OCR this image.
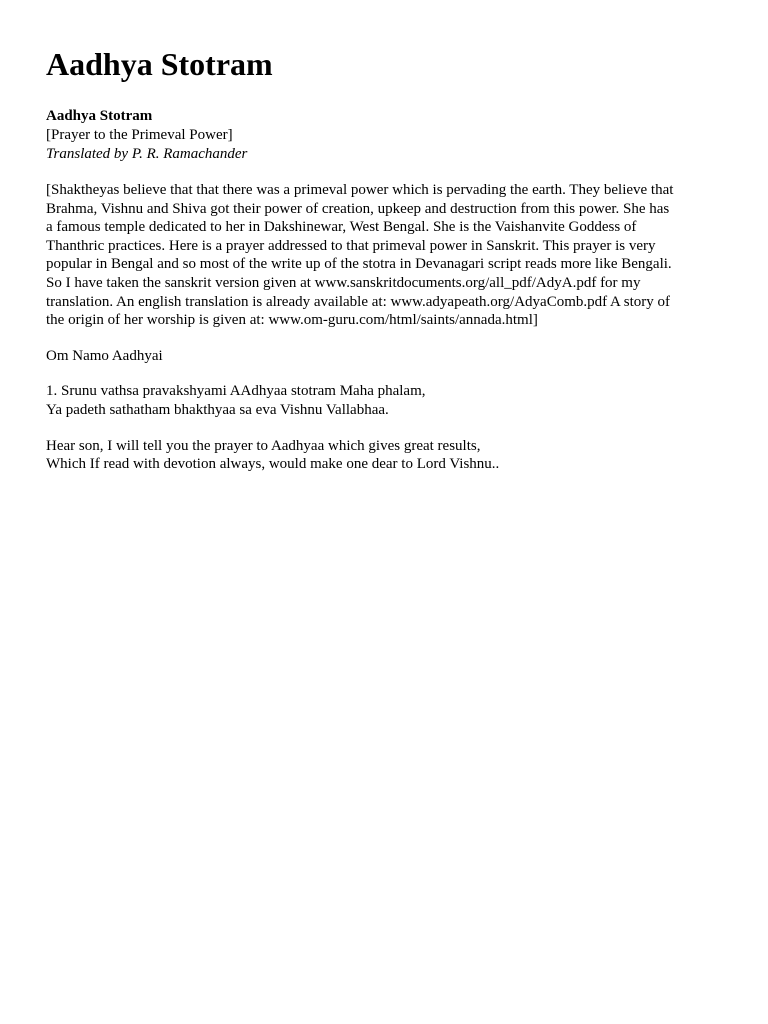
Aadhya Stotram
Aadhya Stotram
[Prayer to the Primeval Power]
Translated by P. R. Ramachander

[Shaktheyas believe that that there was a primeval power which is pervading the earth. They believe that
Brahma, Vishnu and Shiva got their power of creation, upkeep and destruction from this power. She has
a famous temple dedicated to her in Dakshinewar, West Bengal. She is the Vaishanvite Goddess of
Thanthric practices. Here is a prayer addressed to that primeval power in Sanskrit. This prayer is very
popular in Bengal and so most of the write up of the stotra in Devanagari script reads more like Bengali.
So I have taken the sanskrit version given at www.sanskritdocuments.org/all_pdf/AdyA.pdf for my
translation. An english translation is already available at: www.adyapeath.org/AdyaComb.pdf A story of
the origin of her worship is given at: www.om-guru.com/html/saints/annada.html]

Om Namo Aadhyai

1. Srunu vathsa pravakshyami AAdhyaa stotram Maha phalam,
Ya padeth sathatham bhakthyaa sa eva Vishnu Vallabhaa.

Hear son, I will tell you the prayer to Aadhyaa which gives great results,
Which If read with devotion always, would make one dear to Lord Vishnu..
